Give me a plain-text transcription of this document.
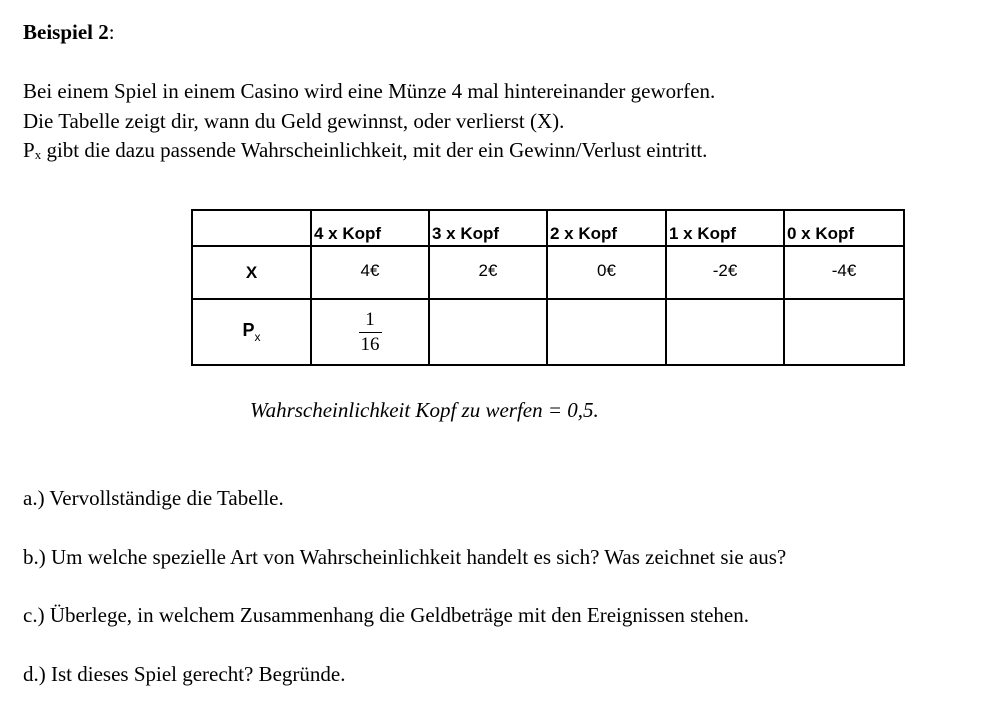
Beispiel 2:

Bei einem Spiel in einem Casino wird eine Münze 4 mal hintereinander geworfen.

Die Tabelle zeigt dir, wann du Geld gewinnst, oder verlierst (X).

Px gibt die dazu passende Wahrscheinlichkeit, mit der ein Gewinn/Verlust eintritt.

	4 x Kopf	3 x Kopf	2 x Kopf	1 x Kopf	0 x Kopf
X	4€	2€	0€	-2€	-4€
$P_x$	$\frac{1}{16}$

Wahrscheinlichkeit Kopf zu werfen = 0,5.

a.) Vervollständige die Tabelle.

b.) Um welche spezielle Art von Wahrscheinlichkeit handelt es sich? Was zeichnet sie aus?

c.) Überlege, in welchem Zusammenhang die Geldbeträge mit den Ereignissen stehen.

d.) Ist dieses Spiel gerecht? Begründe.
